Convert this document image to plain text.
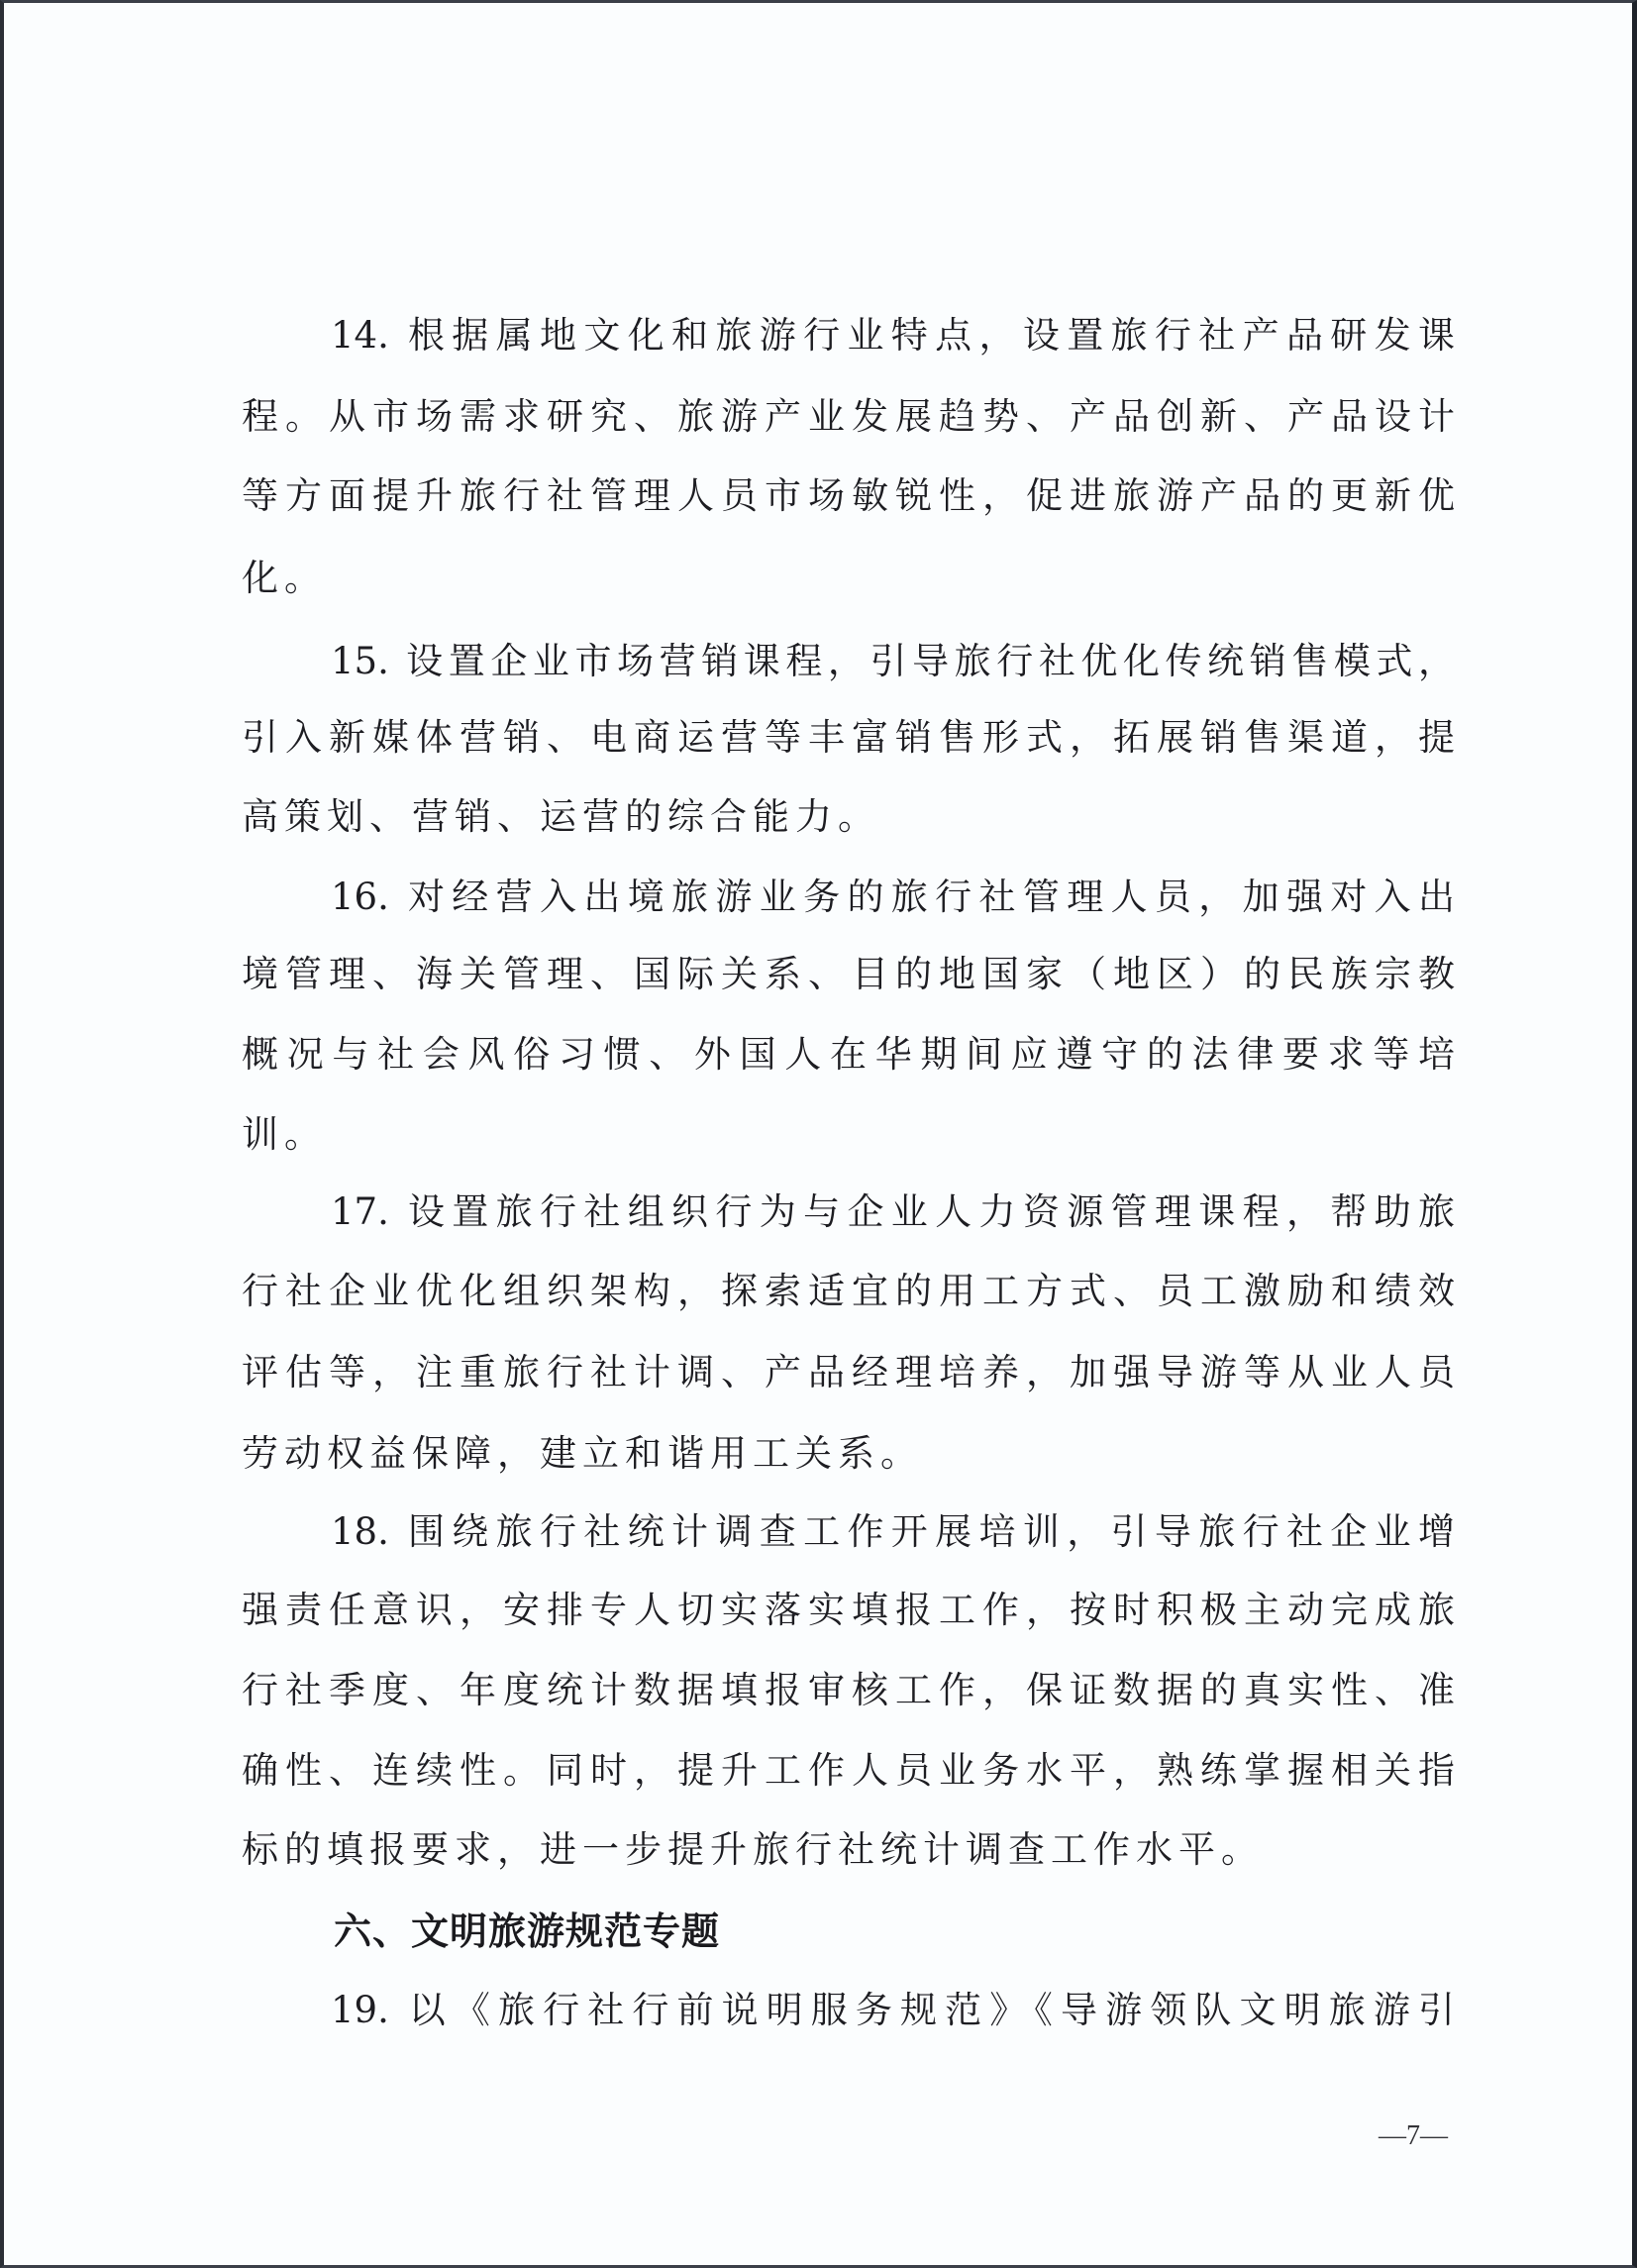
14. 根据属地文化和旅游行业特点，设置旅行社产品研发课
程。从市场需求研究、旅游产业发展趋势、产品创新、产品设计
等方面提升旅行社管理人员市场敏锐性，促进旅游产品的更新优
化。
15. 设置企业市场营销课程，引导旅行社优化传统销售模式，
引入新媒体营销、电商运营等丰富销售形式，拓展销售渠道，提
高策划、营销、运营的综合能力。
16. 对经营入出境旅游业务的旅行社管理人员，加强对入出
境管理、海关管理、国际关系、目的地国家（地区）的民族宗教
概况与社会风俗习惯、外国人在华期间应遵守的法律要求等培
训。
17. 设置旅行社组织行为与企业人力资源管理课程，帮助旅
行社企业优化组织架构，探索适宜的用工方式、员工激励和绩效
评估等，注重旅行社计调、产品经理培养，加强导游等从业人员
劳动权益保障，建立和谐用工关系。
18. 围绕旅行社统计调查工作开展培训，引导旅行社企业增
强责任意识，安排专人切实落实填报工作，按时积极主动完成旅
行社季度、年度统计数据填报审核工作，保证数据的真实性、准
确性、连续性。同时，提升工作人员业务水平，熟练掌握相关指
标的填报要求，进一步提升旅行社统计调查工作水平。
六、文明旅游规范专题
19. 以《旅行社行前说明服务规范》《导游领队文明旅游引
—7—
